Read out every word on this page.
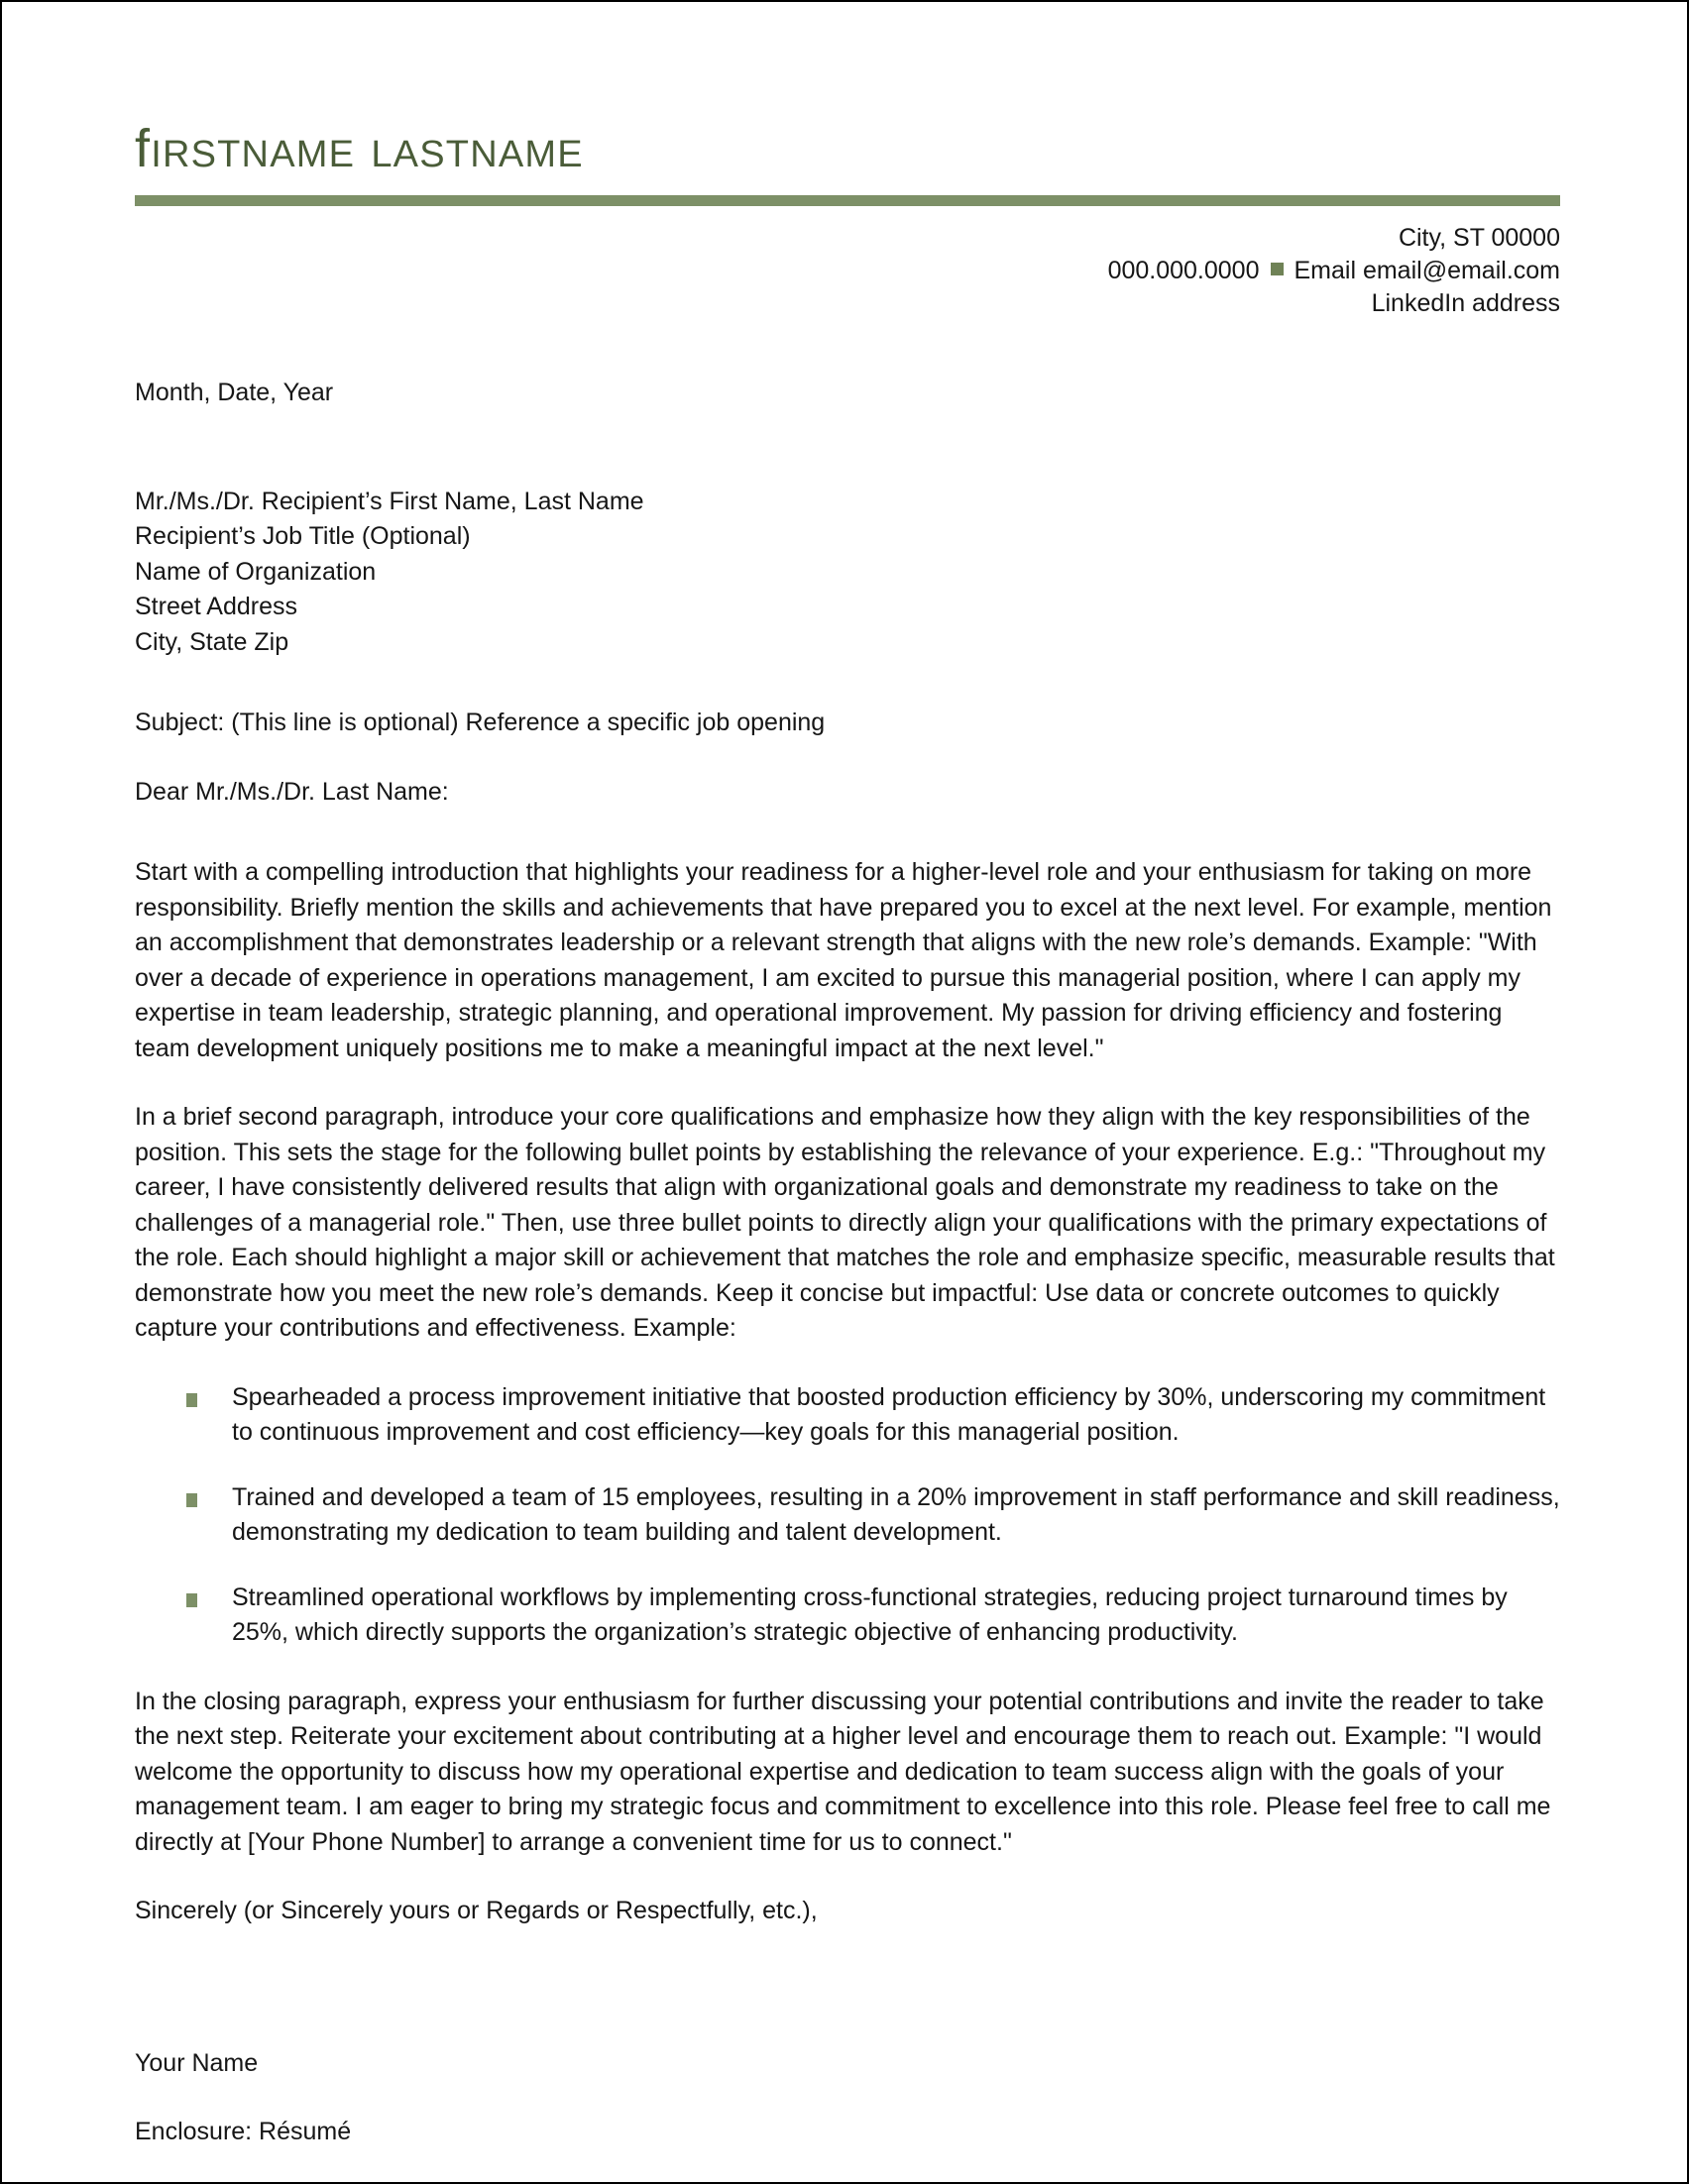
firstname lastname
City, ST 00000
000.000.0000 Email email@email.com
LinkedIn address
Month, Date, Year
Mr./Ms./Dr. Recipient’s First Name, Last Name
Recipient’s Job Title (Optional)
Name of Organization
Street Address
City, State Zip
Subject: (This line is optional) Reference a specific job opening
Dear Mr./Ms./Dr. Last Name:

Start with a compelling introduction that highlights your readiness for a higher-level role and your enthusiasm for taking on more responsibility. Briefly mention the skills and achievements that have prepared you to excel at the next level. For example, mention an accomplishment that demonstrates leadership or a relevant strength that aligns with the new role’s demands. Example: "With over a decade of experience in operations management, I am excited to pursue this managerial position, where I can apply my expertise in team leadership, strategic planning, and operational improvement. My passion for driving efficiency and fostering team development uniquely positions me to make a meaningful impact at the next level."

In a brief second paragraph, introduce your core qualifications and emphasize how they align with the key responsibilities of the position. This sets the stage for the following bullet points by establishing the relevance of your experience. E.g.: "Throughout my career, I have consistently delivered results that align with organizational goals and demonstrate my readiness to take on the challenges of a managerial role." Then, use three bullet points to directly align your qualifications with the primary expectations of the role. Each should highlight a major skill or achievement that matches the role and emphasize specific, measurable results that demonstrate how you meet the new role’s demands. Keep it concise but impactful: Use data or concrete outcomes to quickly capture your contributions and effectiveness. Example:

Spearheaded a process improvement initiative that boosted production efficiency by 30%, underscoring my commitment to continuous improvement and cost efficiency—key goals for this managerial position.
Trained and developed a team of 15 employees, resulting in a 20% improvement in staff performance and skill readiness, demonstrating my dedication to team building and talent development.
Streamlined operational workflows by implementing cross-functional strategies, reducing project turnaround times by 25%, which directly supports the organization’s strategic objective of enhancing productivity.

In the closing paragraph, express your enthusiasm for further discussing your potential contributions and invite the reader to take the next step. Reiterate your excitement about contributing at a higher level and encourage them to reach out. Example: "I would welcome the opportunity to discuss how my operational expertise and dedication to team success align with the goals of your management team. I am eager to bring my strategic focus and commitment to excellence into this role. Please feel free to call me directly at [Your Phone Number] to arrange a convenient time for us to connect."

Sincerely (or Sincerely yours or Regards or Respectfully, etc.),
Your Name
Enclosure: Résumé
